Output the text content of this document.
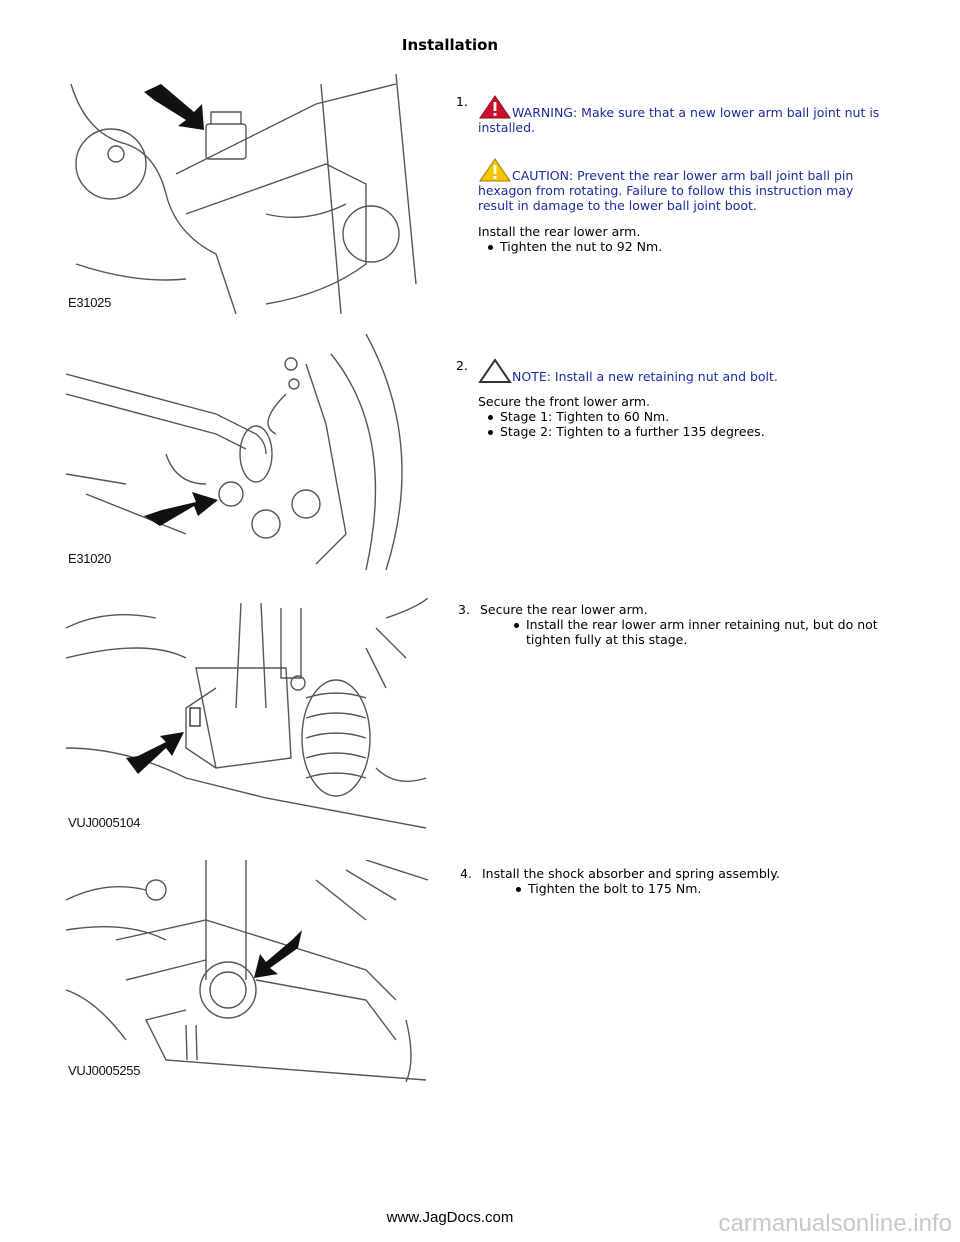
Installation
E31025
1.
WARNING: Make sure that a new lower arm ball joint nut is installed.
CAUTION: Prevent the rear lower arm ball joint ball pin hexagon from rotating. Failure to follow this instruction may result in damage to the lower ball joint boot.
Install the rear lower arm.
Tighten the nut to 92 Nm.
E31020
2.
NOTE: Install a new retaining nut and bolt.
Secure the front lower arm.
Stage 1: Tighten to 60 Nm.
Stage 2: Tighten to a further 135 degrees.
VUJ0005104
3. Secure the rear lower arm.
Install the rear lower arm inner retaining nut, but do not tighten fully at this stage.
VUJ0005255
4. Install the shock absorber and spring assembly.
Tighten the bolt to 175 Nm.
www.JagDocs.com	carmanualsonline.info
